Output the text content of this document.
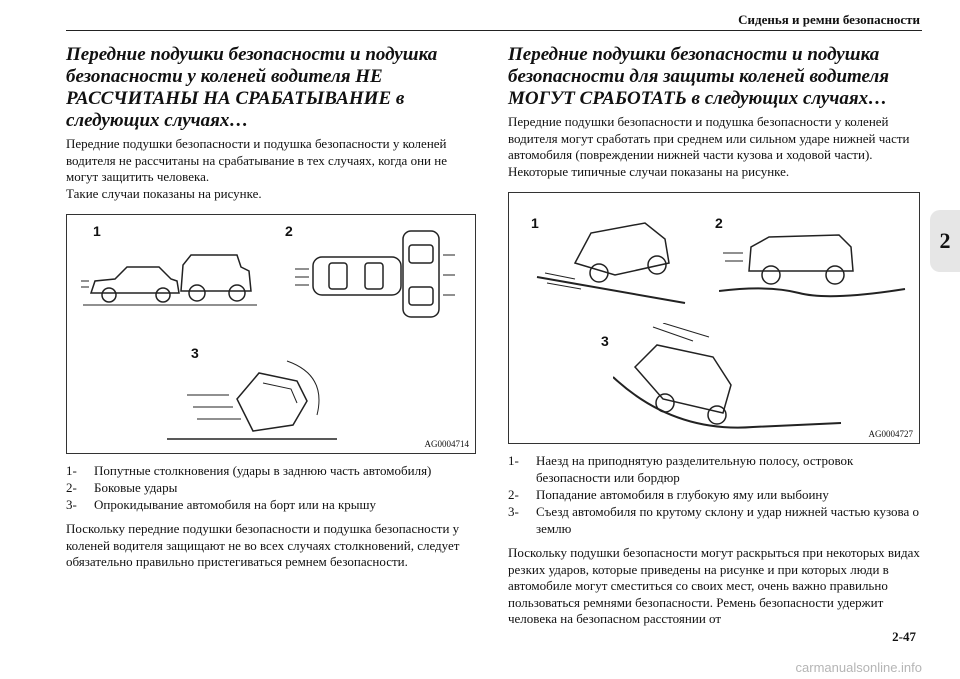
Сиденья и ремни безопасности
2
Передние подушки безопасности и подушка безопасности у коленей водителя НЕ РАССЧИТАНЫ НА СРАБАТЫВАНИЕ в следующих случаях…

Передние подушки безопасности и подушка безопасности у коленей водителя не рассчитаны на срабатывание в тех случаях, когда они не могут защитить человека.

Такие случаи показаны на рисунке.

1	2
3
AG0004714
1-	Попутные столкновения (удары в заднюю часть автомобиля)
2-	Боковые удары
3-	Опрокидывание автомобиля на борт или на крышу

Поскольку передние подушки безопасности и подушка безопасности у коленей водителя защищают не во всех случаях столкновений, следует обязательно правильно пристегиваться ремнем безопасности.

Передние подушки безопасности и подушка безопасности для защиты коленей водителя МОГУТ СРАБОТАТЬ в следующих случаях…

Передние подушки безопасности и подушка безопасности у коленей водителя могут сработать при среднем или сильном ударе нижней части автомобиля (повреждении нижней части кузова и ходовой части).

Некоторые типичные случаи показаны на рисунке.

1	2
3
AG0004727
1-	Наезд на приподнятую разделительную полосу, островок безопасности или бордюр
2-	Попадание автомобиля в глубокую яму или выбоину
3-	Съезд автомобиля по крутому склону и удар нижней частью кузова о землю

Поскольку подушки безопасности могут раскрыться при некоторых видах резких ударов, которые приведены на рисунке и при которых люди в автомобиле могут сместиться со своих мест, очень важно правильно пользоваться ремнями безопасности. Ремень безопасности удержит человека на безопасном расстоянии от

2-47
carmanualsonline.info
